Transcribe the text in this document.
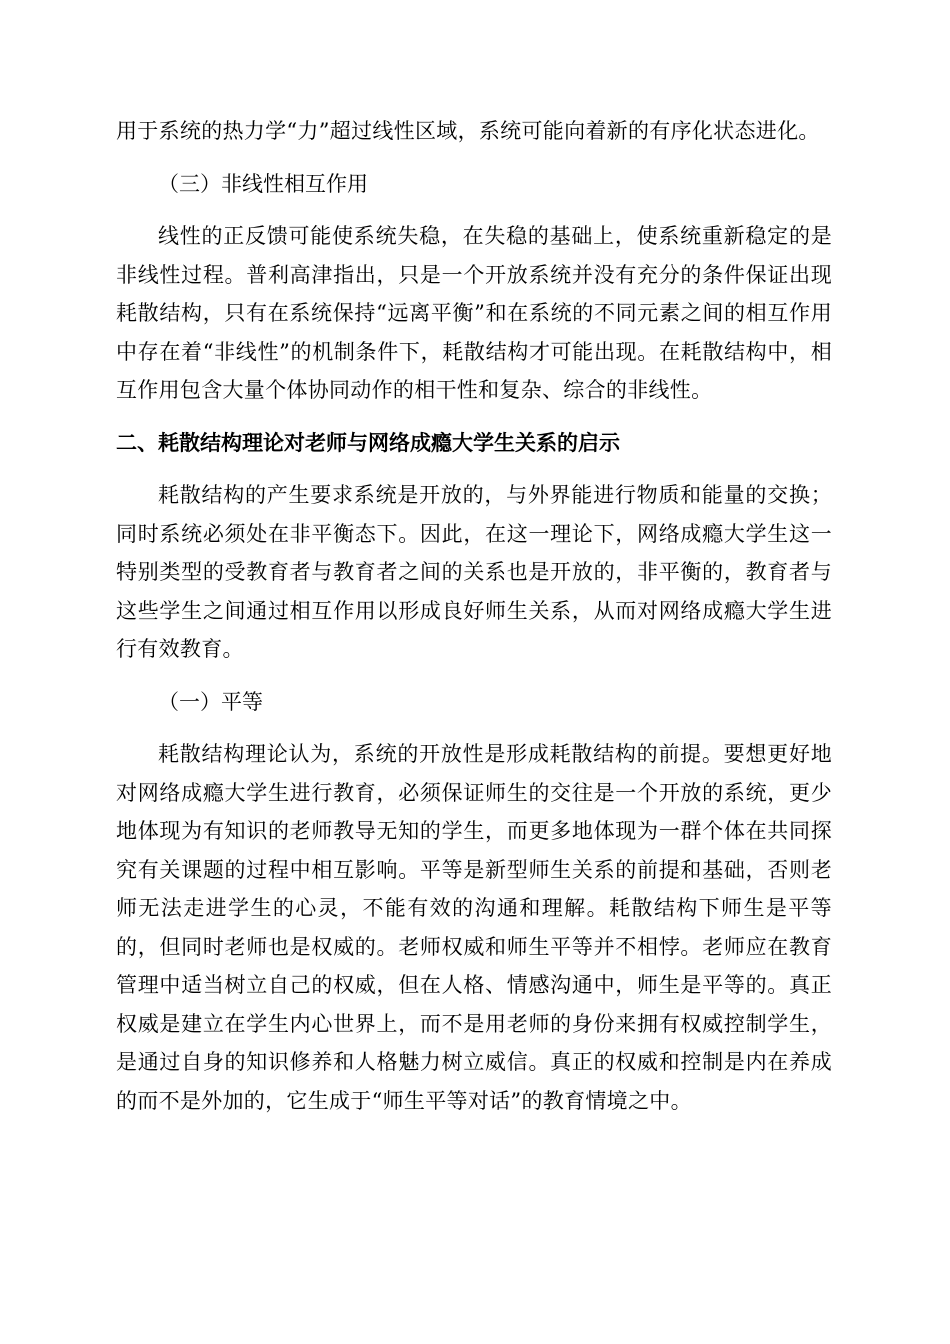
用于系统的热力学“力”超过线性区域，系统可能向着新的有序化状态进化。

（三）非线性相互作用

线性的正反馈可能使系统失稳，在失稳的基础上，使系统重新稳定的是非线性过程。普利高津指出，只是一个开放系统并没有充分的条件保证出现耗散结构，只有在系统保持“远离平衡”和在系统的不同元素之间的相互作用中存在着“非线性”的机制条件下，耗散结构才可能出现。在耗散结构中，相互作用包含大量个体协同动作的相干性和复杂、综合的非线性。

二、耗散结构理论对老师与网络成瘾大学生关系的启示

耗散结构的产生要求系统是开放的，与外界能进行物质和能量的交换；同时系统必须处在非平衡态下。因此，在这一理论下，网络成瘾大学生这一特别类型的受教育者与教育者之间的关系也是开放的，非平衡的，教育者与这些学生之间通过相互作用以形成良好师生关系，从而对网络成瘾大学生进行有效教育。

（一）平等

耗散结构理论认为，系统的开放性是形成耗散结构的前提。要想更好地对网络成瘾大学生进行教育，必须保证师生的交往是一个开放的系统，更少地体现为有知识的老师教导无知的学生，而更多地体现为一群个体在共同探究有关课题的过程中相互影响。平等是新型师生关系的前提和基础，否则老师无法走进学生的心灵，不能有效的沟通和理解。耗散结构下师生是平等的，但同时老师也是权威的。老师权威和师生平等并不相悖。老师应在教育管理中适当树立自己的权威，但在人格、情感沟通中，师生是平等的。真正权威是建立在学生内心世界上，而不是用老师的身份来拥有权威控制学生，是通过自身的知识修养和人格魅力树立威信。真正的权威和控制是内在养成的而不是外加的，它生成于“师生平等对话”的教育情境之中。
